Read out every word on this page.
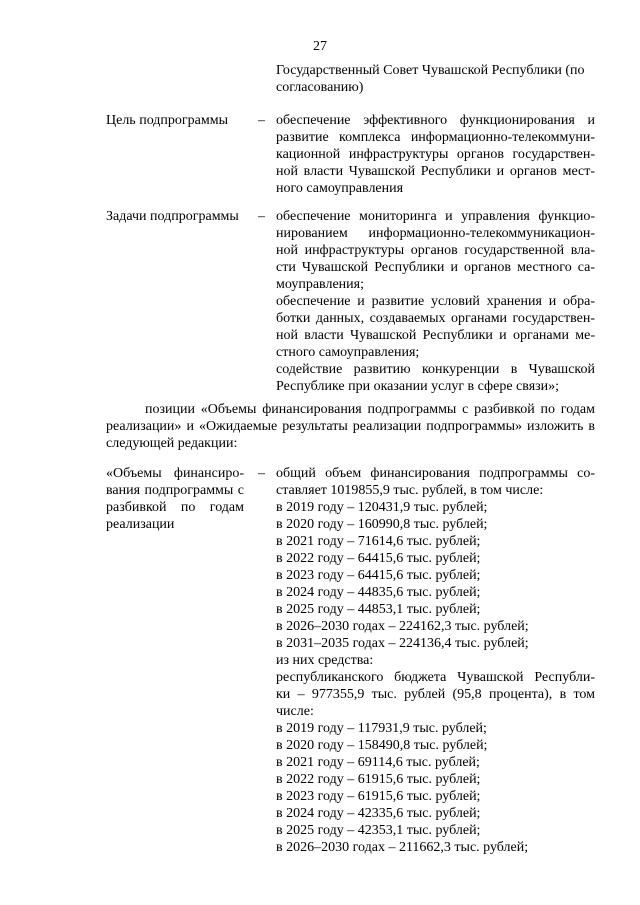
27
Государственный Совет Чувашской Республики (по
согласованию)
Цель подпрограммы	– обеспечение эффективного функционирования и
развитие комплекса информационно-телекоммуни-
кационной инфраструктуры органов государствен-
ной власти Чувашской Республики и органов мест-
ного самоуправления
Задачи подпрограммы	– обеспечение мониторинга и управления функцио-
нированием информационно-телекоммуникацион-
ной инфраструктуры органов государственной вла-
сти Чувашской Республики и органов местного са-
моуправления;
обеспечение и развитие условий хранения и обра-
ботки данных, создаваемых органами государствен-
ной власти Чувашской Республики и органами ме-
стного самоуправления;
содействие развитию конкуренции в Чувашской
Республике при оказании услуг в сфере связи»;
позиции «Объемы финансирования подпрограммы с разбивкой по годам
реализации» и «Ожидаемые результаты реализации подпрограммы» изложить в
следующей редакции:
«Объемы финансиро-
вания подпрограммы с
разбивкой по годам
реализации
– общий объем финансирования подпрограммы со-
ставляет 1019855,9 тыс. рублей, в том числе:
в 2019 году – 120431,9 тыс. рублей;
в 2020 году – 160990,8 тыс. рублей;
в 2021 году – 71614,6 тыс. рублей;
в 2022 году – 64415,6 тыс. рублей;
в 2023 году – 64415,6 тыс. рублей;
в 2024 году – 44835,6 тыс. рублей;
в 2025 году – 44853,1 тыс. рублей;
в 2026–2030 годах – 224162,3 тыс. рублей;
в 2031–2035 годах – 224136,4 тыс. рублей;
из них средства:
республиканского бюджета Чувашской Республи-
ки – 977355,9 тыс. рублей (95,8 процента), в том
числе:
в 2019 году – 117931,9 тыс. рублей;
в 2020 году – 158490,8 тыс. рублей;
в 2021 году – 69114,6 тыс. рублей;
в 2022 году – 61915,6 тыс. рублей;
в 2023 году – 61915,6 тыс. рублей;
в 2024 году – 42335,6 тыс. рублей;
в 2025 году – 42353,1 тыс. рублей;
в 2026–2030 годах – 211662,3 тыс. рублей;
